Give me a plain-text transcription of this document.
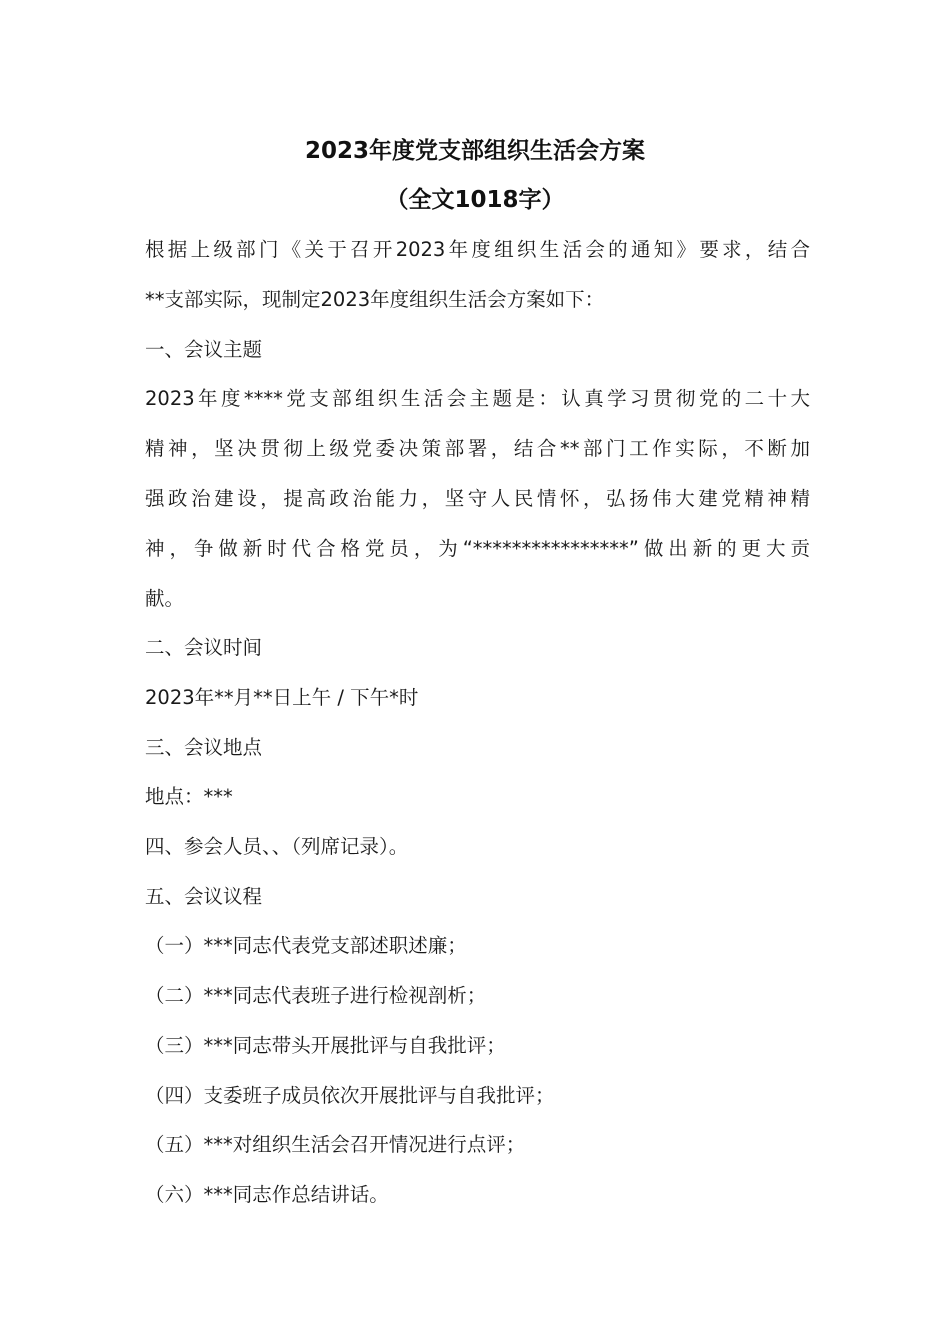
2023年度党支部组织生活会方案
（全文1018字）
根据上级部门《关于召开2023年度组织生活会的通知》要求，结合
**支部实际，现制定2023年度组织生活会方案如下：
一、会议主题
2023年度****党支部组织生活会主题是：认真学习贯彻党的二十大
精神，坚决贯彻上级党委决策部署，结合**部门工作实际，不断加
强政治建设，提高政治能力，坚守人民情怀，弘扬伟大建党精神精
神，争做新时代合格党员，为“****************”做出新的更大贡
献。
二、会议时间
2023年**月**日上午 / 下午*时
三、会议地点
地点：***
四、参会人员、、（列席记录）。
五、会议议程
（一）***同志代表党支部述职述廉；
（二）***同志代表班子进行检视剖析；
（三）***同志带头开展批评与自我批评；
（四）支委班子成员依次开展批评与自我批评；
（五）***对组织生活会召开情况进行点评；
（六）***同志作总结讲话。
